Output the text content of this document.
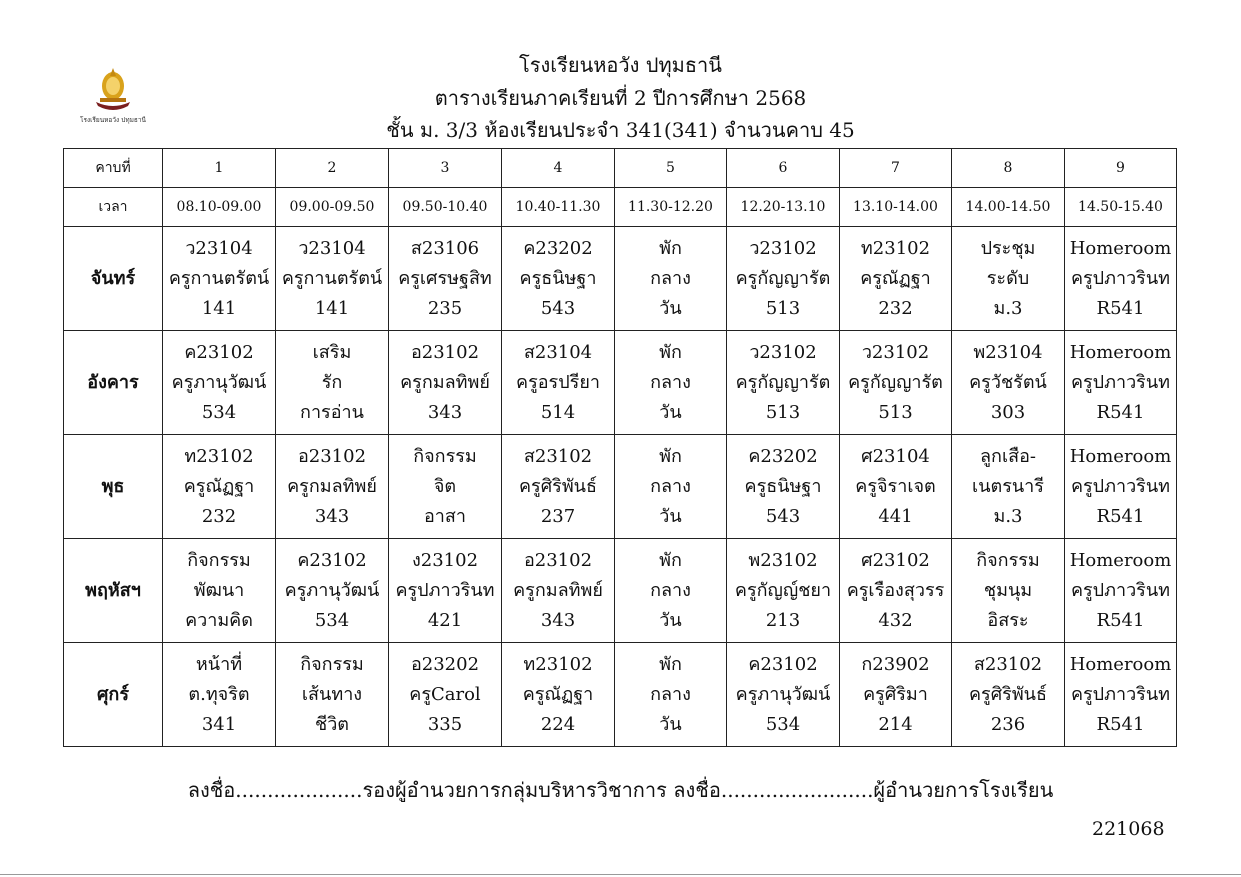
โรงเรียนหอวัง ปทุมธานี
โรงเรียนหอวัง ปทุมธานี
ตารางเรียนภาคเรียนที่ 2 ปีการศึกษา 2568
ชั้น ม. 3/3 ห้องเรียนประจำ 341(341) จำนวนคาบ 45
คาบที่	1	2	3	4	5	6	7	8	9
เวลา	08.10-09.00	09.00-09.50	09.50-10.40	10.40-11.30	11.30-12.20	12.20-13.10	13.10-14.00	14.00-14.50	14.50-15.40
จันทร์	ว23104
ครูกานตรัตน์
141	ว23104
ครูกานตรัตน์
141	ส23106
ครูเศรษฐสิท
235	ค23202
ครูธนิษฐา
543	พัก
กลาง
วัน	ว23102
ครูกัญญารัต
513	ท23102
ครูณัฏฐา
232	ประชุม
ระดับ
ม.3	Homeroom
ครูปภาวรินท
R541

อังคาร	ค23102
ครูภานุวัฒน์
534	เสริม
รัก
การอ่าน	อ23102
ครูกมลทิพย์
343	ส23104
ครูอรปรียา
514	พัก
กลาง
วัน	ว23102
ครูกัญญารัต
513	ว23102
ครูกัญญารัต
513	พ23104
ครูวัชรัตน์
303	Homeroom
ครูปภาวรินท
R541

พุธ	ท23102
ครูณัฏฐา
232	อ23102
ครูกมลทิพย์
343	กิจกรรม
จิต
อาสา	ส23102
ครูศิริพันธ์
237	พัก
กลาง
วัน	ค23202
ครูธนิษฐา
543	ศ23104
ครูจิราเจต
441	ลูกเสือ-
เนตรนารี
ม.3	Homeroom
ครูปภาวรินท
R541

พฤหัสฯ	กิจกรรม
พัฒนา
ความคิด	ค23102
ครูภานุวัฒน์
534	ง23102
ครูปภาวรินท
421	อ23102
ครูกมลทิพย์
343	พัก
กลาง
วัน	พ23102
ครูกัญญ์ชยา
213	ศ23102
ครูเรืองสุวรร
432	กิจกรรม
ชุมนุม
อิสระ	Homeroom
ครูปภาวรินท
R541

ศุกร์	หน้าที่
ต.ทุจริต
341	กิจกรรม
เส้นทาง
ชีวิต	อ23202
ครูCarol
335	ท23102
ครูณัฏฐา
224	พัก
กลาง
วัน	ค23102
ครูภานุวัฒน์
534	ก23902
ครูศิริมา
214	ส23102
ครูศิริพันธ์
236	Homeroom
ครูปภาวรินท
R541
ลงชื่อ....................รองผู้อำนวยการกลุ่มบริหารวิชาการ ลงชื่อ........................ผู้อำนวยการโรงเรียน
221068
